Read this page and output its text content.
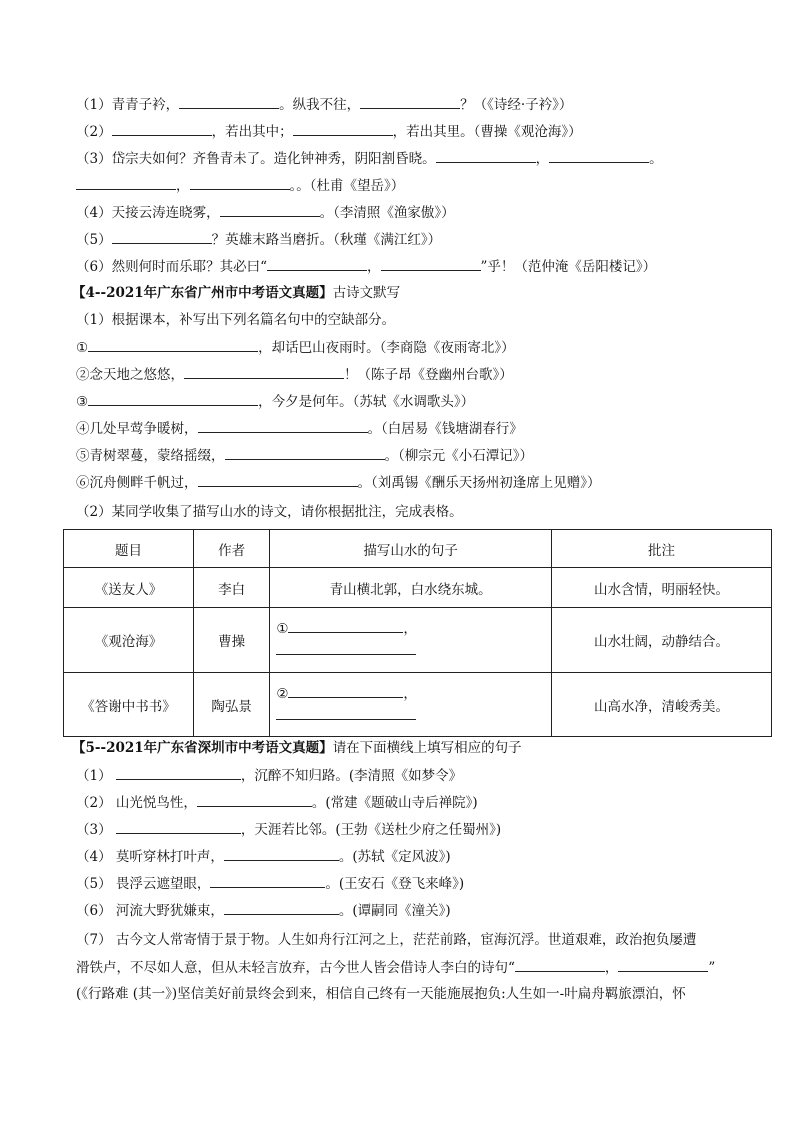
（1）青青子衿，	。纵我不往，	？（《诗经·子衿》）
（2）	，若出其中；	，若出其里。（曹操《观沧海》）
（3）岱宗夫如何？齐鲁青未了。造化钟神秀，阴阳割昏晓。	，	。
，	。。（杜甫《望岳》）
（4）天接云涛连晓雾，	。（李清照《渔家傲》）
（5）	？英雄末路当磨折。（秋瑾《满江红》）
（6）然则何时而乐耶？其必曰“	，	”乎！（范仲淹《岳阳楼记》）
【4--2021年广东省广州市中考语文真题】古诗文默写
（1）根据课本，补写出下列名篇名句中的空缺部分。
①	，却话巴山夜雨时。（李商隐《夜雨寄北》）
②念天地之悠悠，	！（陈子昂《登幽州台歌》）
③	，今夕是何年。（苏轼《水调歌头》）
④几处早莺争暖树，	。（白居易《钱塘湖春行》
⑤青树翠蔓，蒙络摇缀，	。（柳宗元《小石潭记》）
⑥沉舟侧畔千帆过，	。（刘禹锡《酬乐天扬州初逢席上见赠》）
（2）某同学收集了描写山水的诗文，请你根据批注，完成表格。
题目	作者	描写山水的句子	批注
《送友人》	李白	青山横北郭，白水绕东城。	山水含情，明丽轻快。
《观沧海》	曹操	① ，	山水壮阔，动静结合。
《答谢中书书》	陶弘景	② ，	山高水净，清峻秀美。
【5--2021年广东省深圳市中考语文真题】请在下面横线上填写相应的句子
（1）	，沉醉不知归路。(李清照《如梦令》
（2） 山光悦鸟性，	。(常建《题破山寺后禅院》)
（3）	，天涯若比邻。(王勃《送杜少府之任蜀州》)
（4） 莫听穿林打叶声，	。(苏轼《定风波》)
（5） 畏浮云遮望眼，	。(王安石《登飞来峰》)
（6） 河流大野犹嫌束，	。(谭嗣同《潼关》)
（7） 古今文人常寄情于景于物。人生如舟行江河之上，茫茫前路，宦海沉浮。世道艰难，政治抱负屡遭
滑铁卢，不尽如人意，但从未轻言放弃，古今世人皆会借诗人李白的诗句“	，	”
(《行路难 (其一》)坚信美好前景终会到来，相信自己终有一天能施展抱负:人生如一-叶扁舟羁旅漂泊，怀
